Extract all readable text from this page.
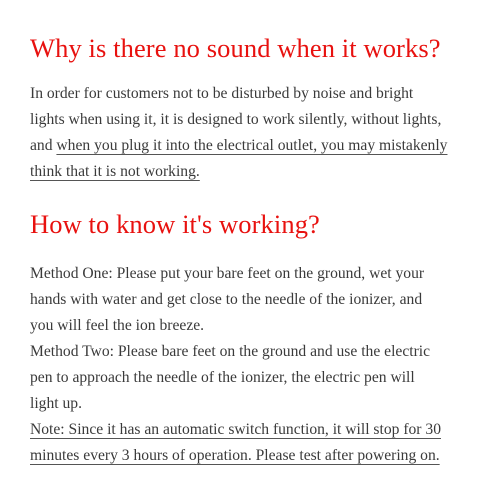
Why is there no sound when it works?

In order for customers not to be disturbed by noise and bright

lights when using it, it is designed to work silently, without lights,

and when you plug it into the electrical outlet, you may mistakenly

think that it is not working.

How to know it's working?

Method One: Please put your bare feet on the ground, wet your

hands with water and get close to the needle of the ionizer, and

you will feel the ion breeze.

Method Two: Please bare feet on the ground and use the electric

pen to approach the needle of the ionizer, the electric pen will

light up.

Note: Since it has an automatic switch function, it will stop for 30

minutes every 3 hours of operation. Please test after powering on.
